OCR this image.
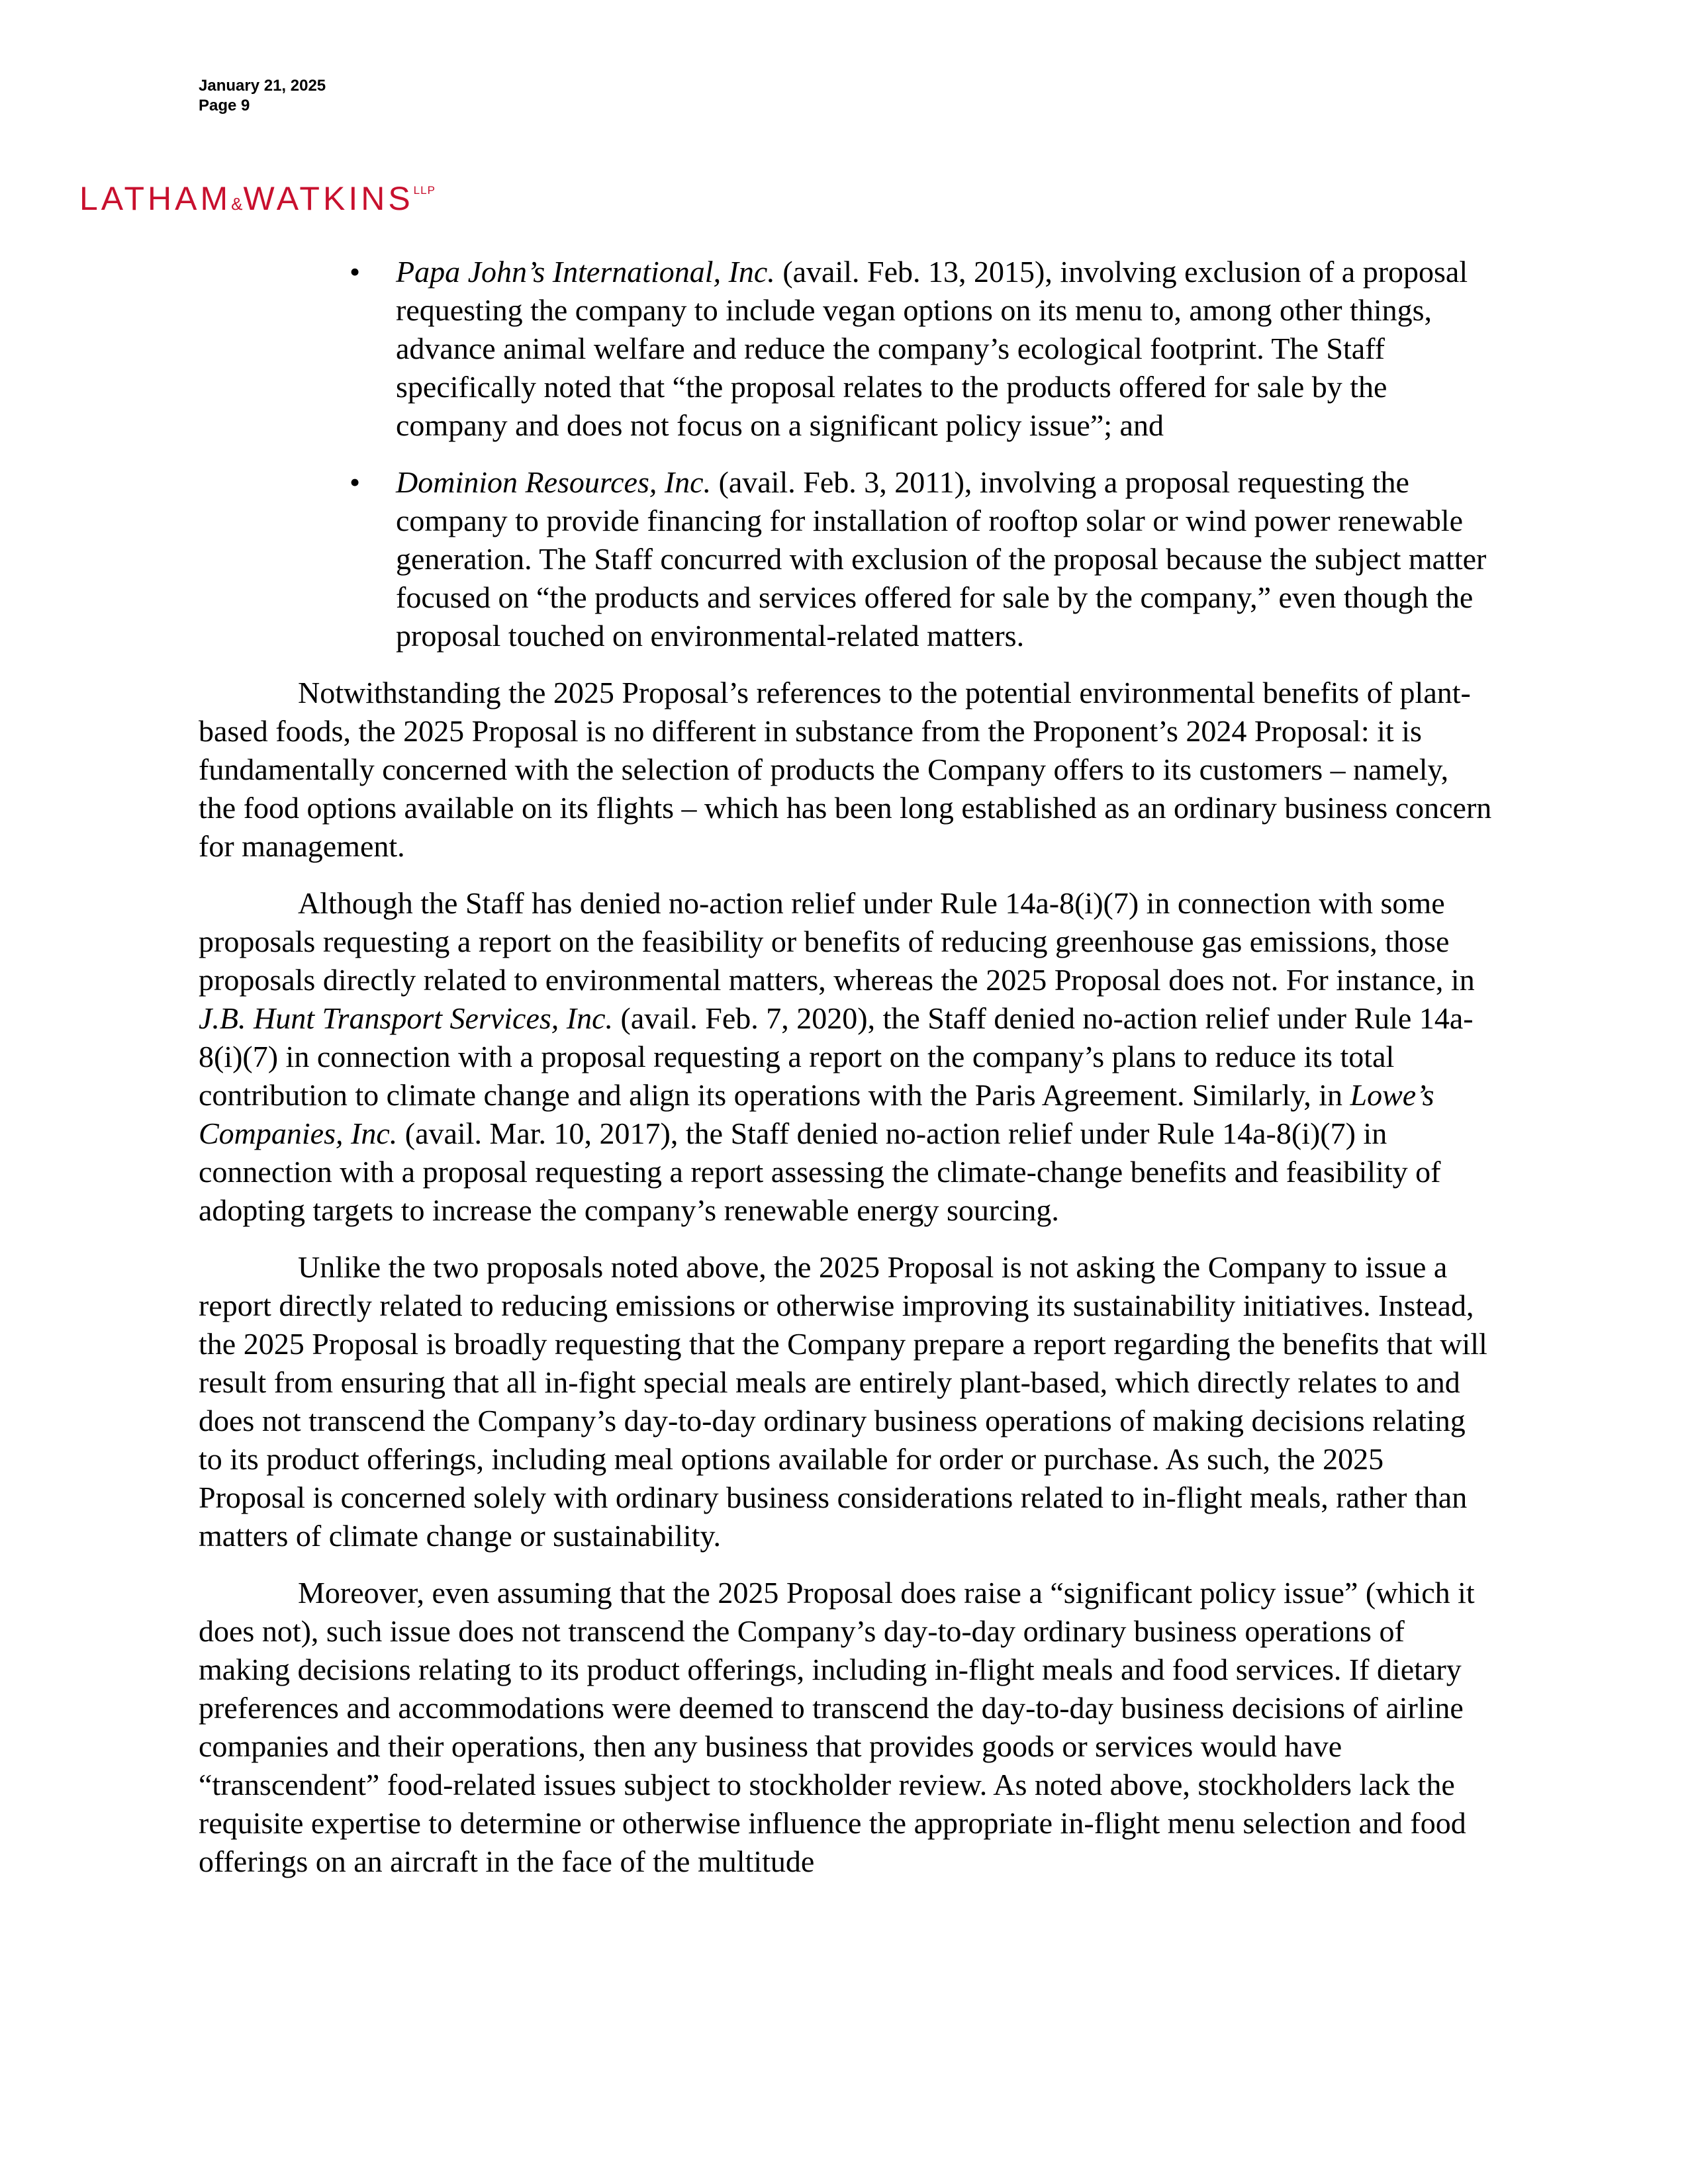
January 21, 2025
Page 9
$LATHAM\&WATKINS^{LLP}$
• Papa John’s International, Inc. (avail. Feb. 13, 2015), involving exclusion of a proposal requesting the company to include vegan options on its menu to, among other things, advance animal welfare and reduce the company’s ecological footprint. The Staff specifically noted that “the proposal relates to the products offered for sale by the company and does not focus on a significant policy issue”; and
• Dominion Resources, Inc. (avail. Feb. 3, 2011), involving a proposal requesting the company to provide financing for installation of rooftop solar or wind power renewable generation. The Staff concurred with exclusion of the proposal because the subject matter focused on “the products and services offered for sale by the company,” even though the proposal touched on environmental-related matters.

Notwithstanding the 2025 Proposal’s references to the potential environmental benefits of plant-based foods, the 2025 Proposal is no different in substance from the Proponent’s 2024 Proposal: it is fundamentally concerned with the selection of products the Company offers to its customers – namely, the food options available on its flights – which has been long established as an ordinary business concern for management.

Although the Staff has denied no-action relief under Rule 14a-8(i)(7) in connection with some proposals requesting a report on the feasibility or benefits of reducing greenhouse gas emissions, those proposals directly related to environmental matters, whereas the 2025 Proposal does not. For instance, in J.B. Hunt Transport Services, Inc. (avail. Feb. 7, 2020), the Staff denied no-action relief under Rule 14a-8(i)(7) in connection with a proposal requesting a report on the company’s plans to reduce its total contribution to climate change and align its operations with the Paris Agreement. Similarly, in Lowe’s Companies, Inc. (avail. Mar. 10, 2017), the Staff denied no-action relief under Rule 14a-8(i)(7) in connection with a proposal requesting a report assessing the climate-change benefits and feasibility of adopting targets to increase the company’s renewable energy sourcing.

Unlike the two proposals noted above, the 2025 Proposal is not asking the Company to issue a report directly related to reducing emissions or otherwise improving its sustainability initiatives. Instead, the 2025 Proposal is broadly requesting that the Company prepare a report regarding the benefits that will result from ensuring that all in-fight special meals are entirely plant-based, which directly relates to and does not transcend the Company’s day-to-day ordinary business operations of making decisions relating to its product offerings, including meal options available for order or purchase. As such, the 2025 Proposal is concerned solely with ordinary business considerations related to in-flight meals, rather than matters of climate change or sustainability.

Moreover, even assuming that the 2025 Proposal does raise a “significant policy issue” (which it does not), such issue does not transcend the Company’s day-to-day ordinary business operations of making decisions relating to its product offerings, including in-flight meals and food services. If dietary preferences and accommodations were deemed to transcend the day-to-day business decisions of airline companies and their operations, then any business that provides goods or services would have “transcendent” food-related issues subject to stockholder review. As noted above, stockholders lack the requisite expertise to determine or otherwise influence the appropriate in-flight menu selection and food offerings on an aircraft in the face of the multitude
